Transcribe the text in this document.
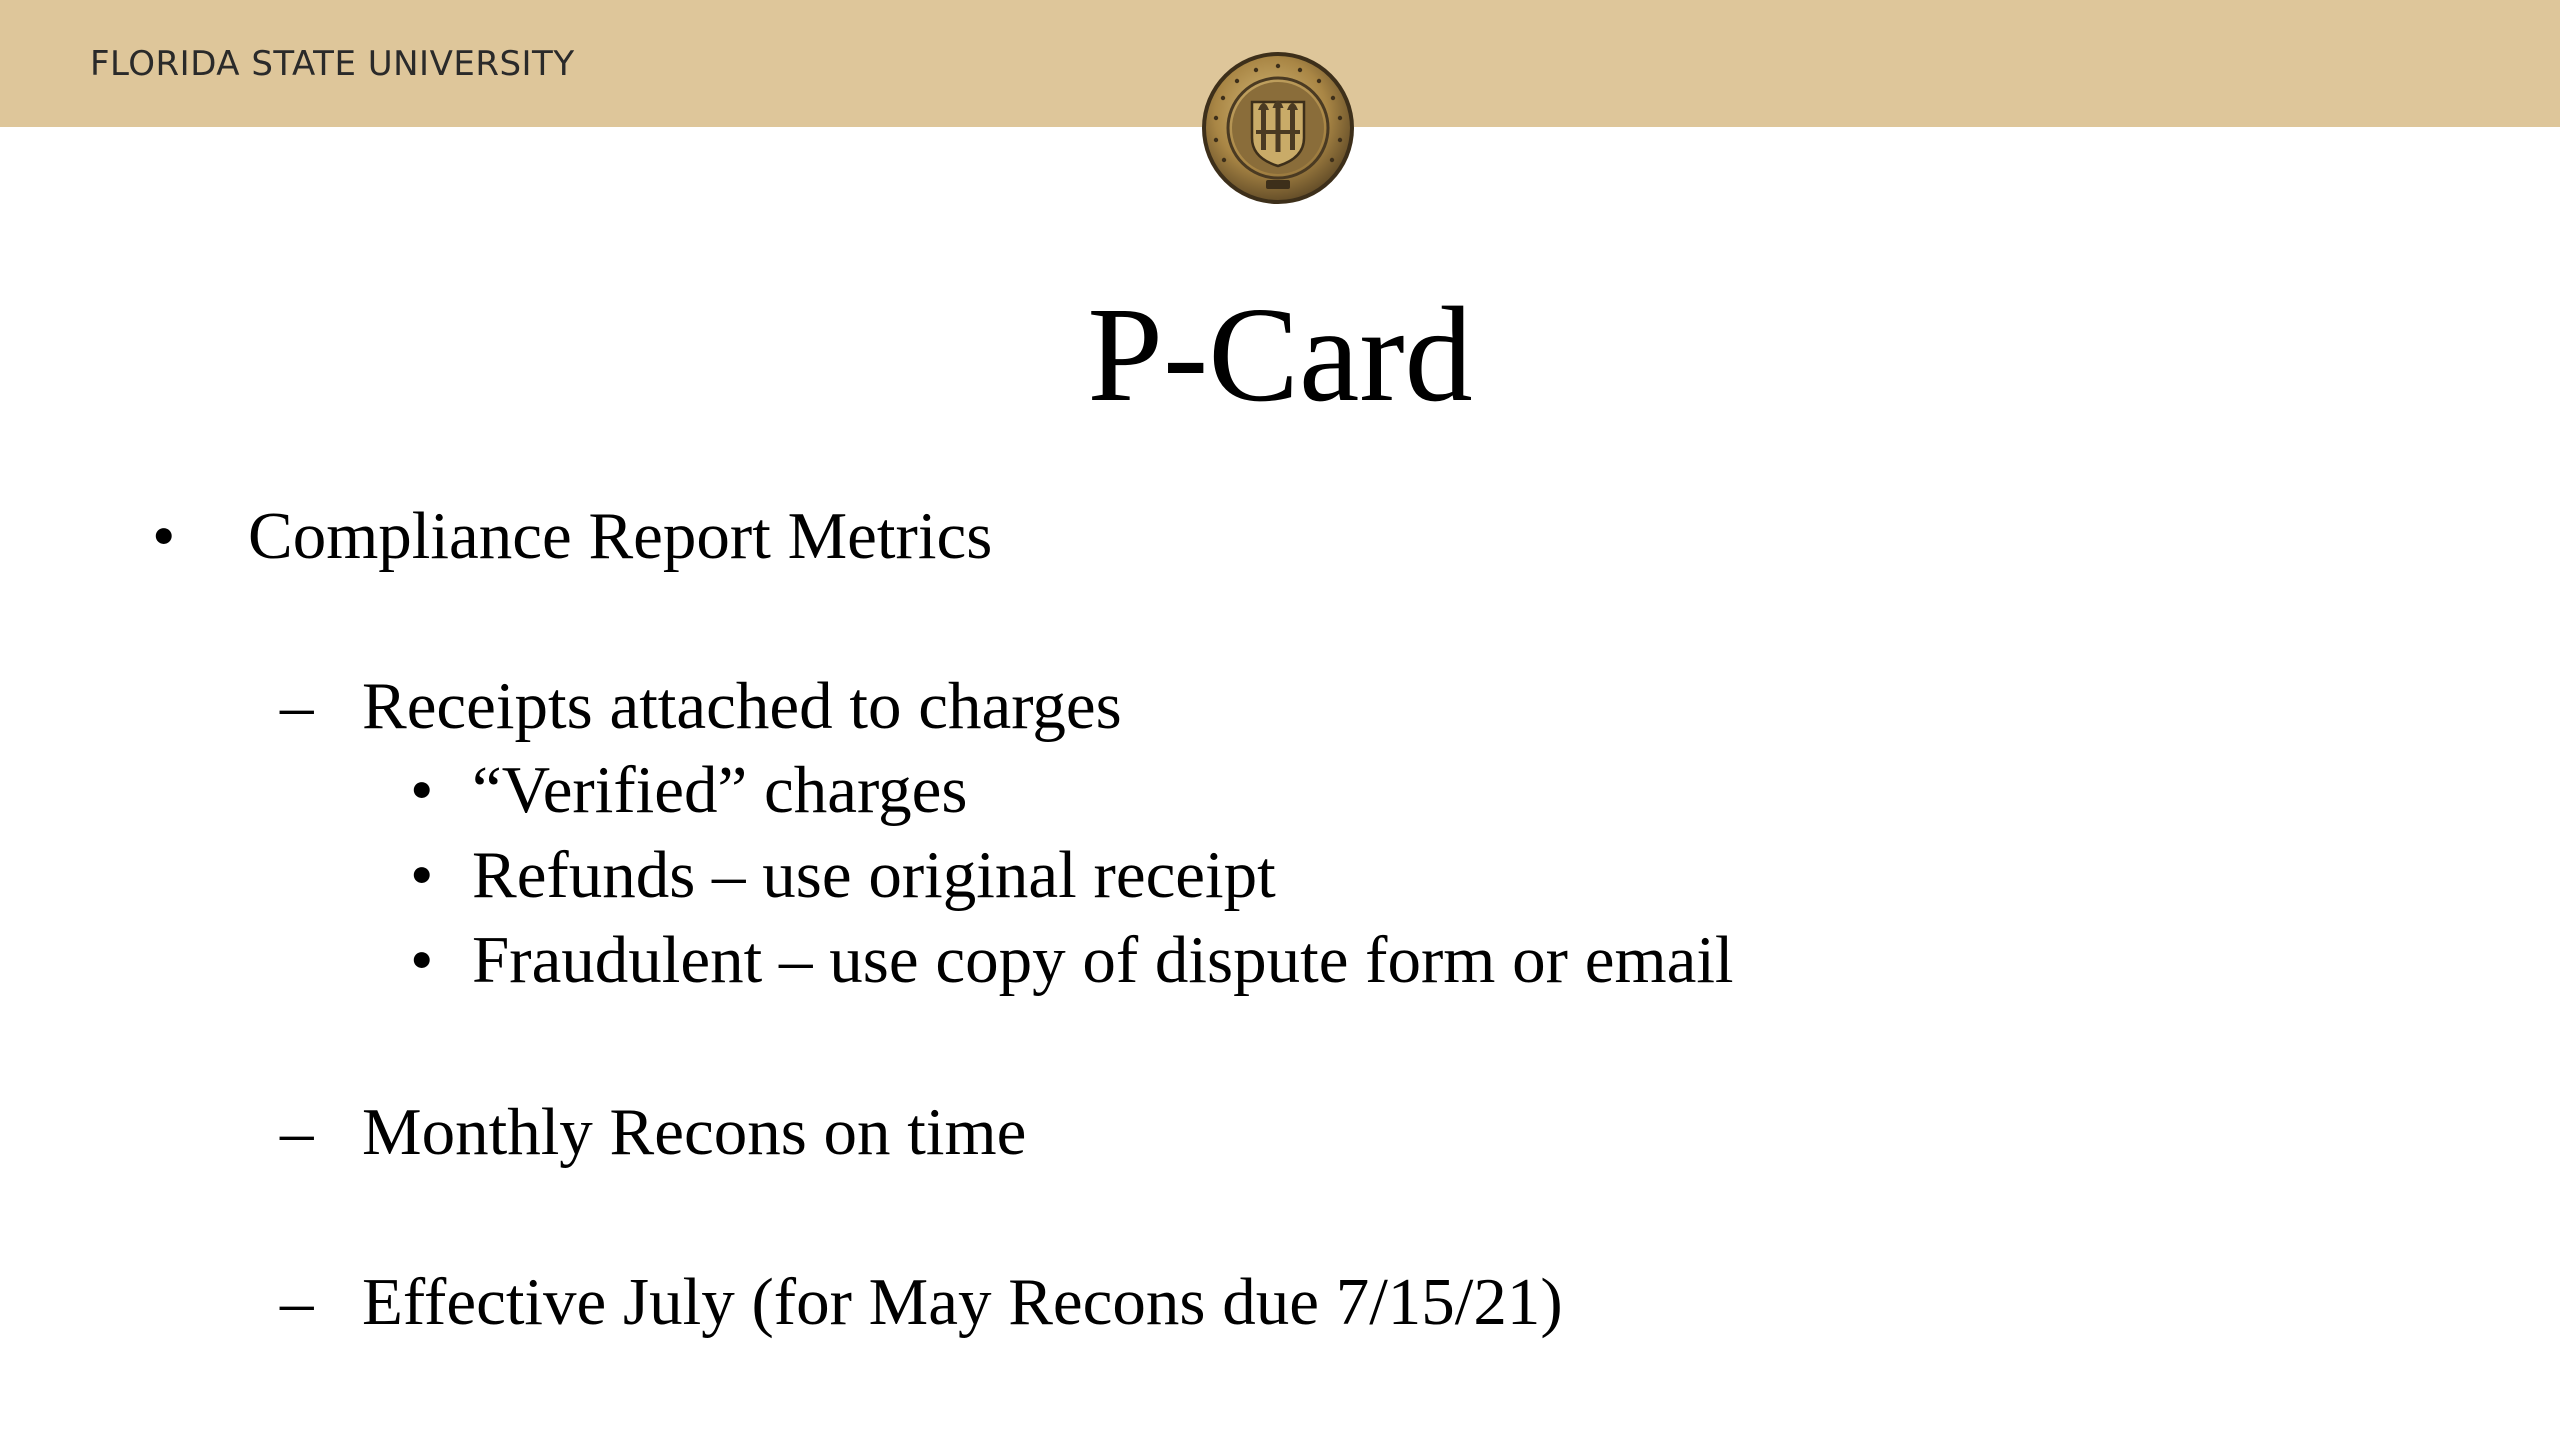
FLORIDA STATE UNIVERSITY
P-Card
• Compliance Report Metrics
– Receipts attached to charges
• “Verified” charges
• Refunds – use original receipt
• Fraudulent – use copy of dispute form or email
– Monthly Recons on time
– Effective July (for May Recons due 7/15/21)
